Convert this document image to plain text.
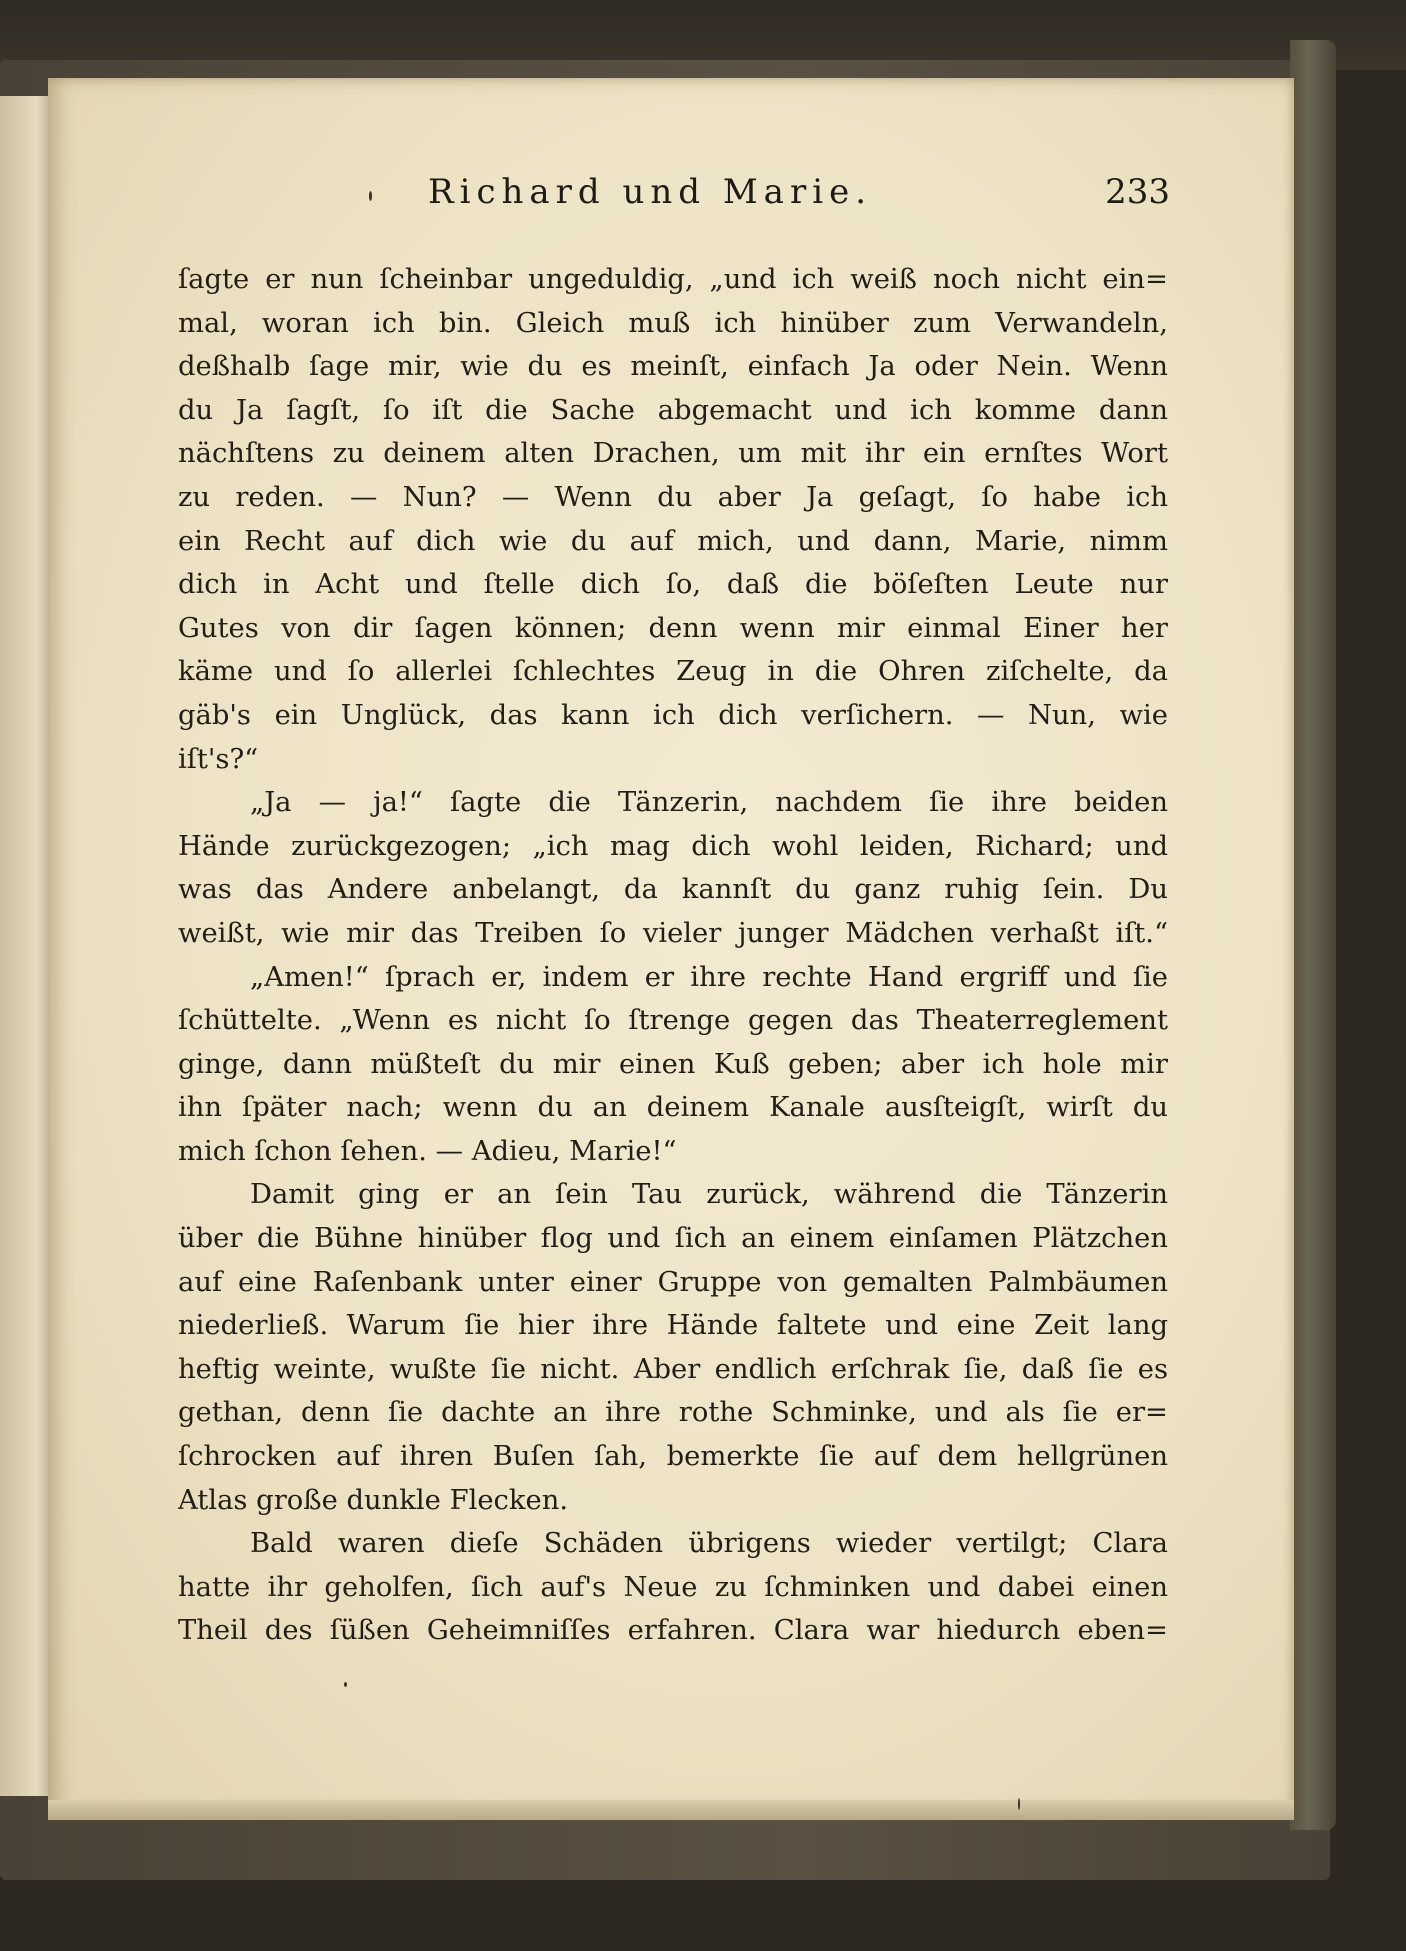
Richard und Marie.	233
ſagte er nun ſcheinbar ungeduldig, „und ich weiß noch nicht ein=
mal, woran ich bin. Gleich muß ich hinüber zum Verwandeln,
deßhalb ſage mir, wie du es meinſt, einfach Ja oder Nein. Wenn
du Ja ſagſt, ſo iſt die Sache abgemacht und ich komme dann
nächſtens zu deinem alten Drachen, um mit ihr ein ernſtes Wort
zu reden. — Nun? — Wenn du aber Ja geſagt, ſo habe ich
ein Recht auf dich wie du auf mich, und dann, Marie, nimm
dich in Acht und ſtelle dich ſo, daß die böſeſten Leute nur
Gutes von dir ſagen können; denn wenn mir einmal Einer her
käme und ſo allerlei ſchlechtes Zeug in die Ohren ziſchelte, da
gäb's ein Unglück, das kann ich dich verſichern. — Nun, wie
iſt's?“
„Ja — ja!“ ſagte die Tänzerin, nachdem ſie ihre beiden
Hände zurückgezogen; „ich mag dich wohl leiden, Richard; und
was das Andere anbelangt, da kannſt du ganz ruhig ſein. Du
weißt, wie mir das Treiben ſo vieler junger Mädchen verhaßt iſt.“
„Amen!“ ſprach er, indem er ihre rechte Hand ergriff und ſie
ſchüttelte. „Wenn es nicht ſo ſtrenge gegen das Theaterreglement
ginge, dann müßteſt du mir einen Kuß geben; aber ich hole mir
ihn ſpäter nach; wenn du an deinem Kanale ausſteigſt, wirſt du
mich ſchon ſehen. — Adieu, Marie!“
Damit ging er an ſein Tau zurück, während die Tänzerin
über die Bühne hinüber flog und ſich an einem einſamen Plätzchen
auf eine Raſenbank unter einer Gruppe von gemalten Palmbäumen
niederließ. Warum ſie hier ihre Hände faltete und eine Zeit lang
heftig weinte, wußte ſie nicht. Aber endlich erſchrak ſie, daß ſie es
gethan, denn ſie dachte an ihre rothe Schminke, und als ſie er=
ſchrocken auf ihren Buſen ſah, bemerkte ſie auf dem hellgrünen
Atlas große dunkle Flecken.
Bald waren dieſe Schäden übrigens wieder vertilgt; Clara
hatte ihr geholfen, ſich auf's Neue zu ſchminken und dabei einen
Theil des ſüßen Geheimniſſes erfahren. Clara war hiedurch eben=
